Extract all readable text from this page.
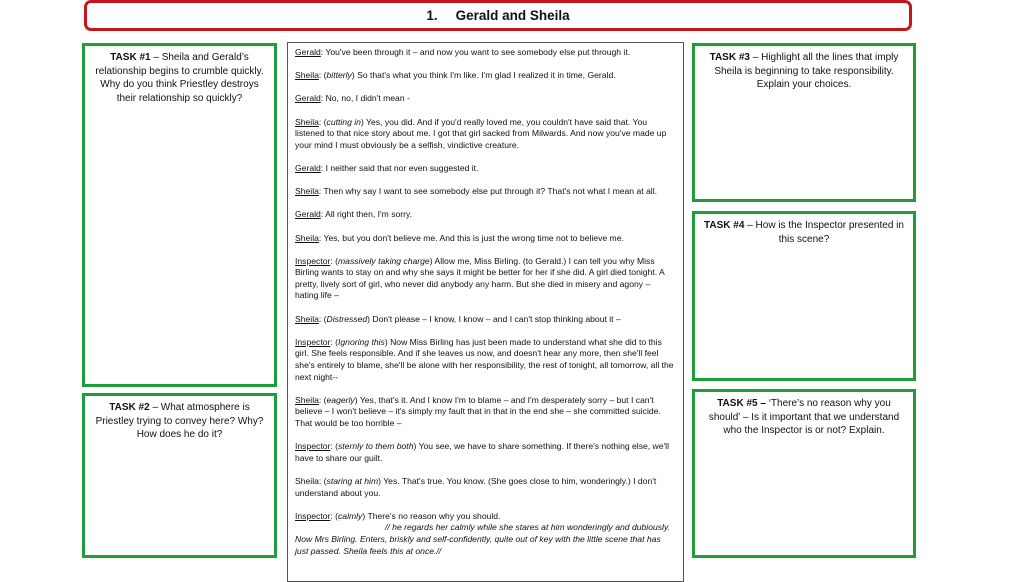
1. Gerald and Sheila
TASK #1 – Sheila and Gerald’s relationship begins to crumble quickly. Why do you think Priestley destroys their relationship so quickly?
TASK #2 – What atmosphere is Priestley trying to convey here? Why? How does he do it?
TASK #3 – Highlight all the lines that imply Sheila is beginning to take responsibility. Explain your choices.
TASK #4 – How is the Inspector presented in this scene?
TASK #5 – ‘There’s no reason why you should’ – Is it important that we understand who the Inspector is or not? Explain.
Gerald: You've been through it – and now you want to see somebody else put through it.
Sheila: (bitterly) So that's what you think I'm like. I'm glad I realized it in time, Gerald.
Gerald: No, no, I didn't mean -
Sheila: (cutting in) Yes, you did. And if you'd really loved me, you couldn't have said that. You listened to that nice story about me. I got that girl sacked from Milwards. And now you've made up your mind I must obviously be a selfish, vindictive creature.
Gerald: I neither said that nor even suggested it.
Sheila: Then why say I want to see somebody else put through it? That's not what I mean at all.
Gerald: All right then, I'm sorry.
Sheila: Yes, but you don't believe me. And this is just the wrong time not to believe me.
Inspector: (massively taking charge) Allow me, Miss Birling. (to Gerald.) I can tell you why Miss Birling wants to stay on and why she says it might be better for her if she did. A girl died tonight. A pretty, lively sort of girl, who never did anybody any harm. But she died in misery and agony – hating life –
Sheila: (Distressed) Don't please – I know, I know – and I can't stop thinking about it –
Inspector: (Ignoring this) Now Miss Birling has just been made to understand what she did to this girl. She feels responsible. And if she leaves us now, and doesn't hear any more, then she'll feel she's entirely to blame, she'll be alone with her responsibility, the rest of tonight, all tomorrow, all the next night--
Sheila: (eagerly) Yes, that's it. And I know I'm to blame – and I'm desperately sorry – but I can't believe – I won't believe – it's simply my fault that in that in the end she – she committed suicide. That would be too horrible –
Inspector: (sternly to them both) You see, we have to share something. If there's nothing else, we'll have to share our guilt.
Sheila: (staring at him) Yes. That's true. You know. (She goes close to him, wonderingly.) I don't understand about you.
Inspector: (calmly) There's no reason why you should.
// he regards her calmly while she stares at him wonderingly and dubiously. Now Mrs Birling. Enters, briskly and self-confidently, quite out of key with the little scene that has just passed. Sheila feels this at once.//
